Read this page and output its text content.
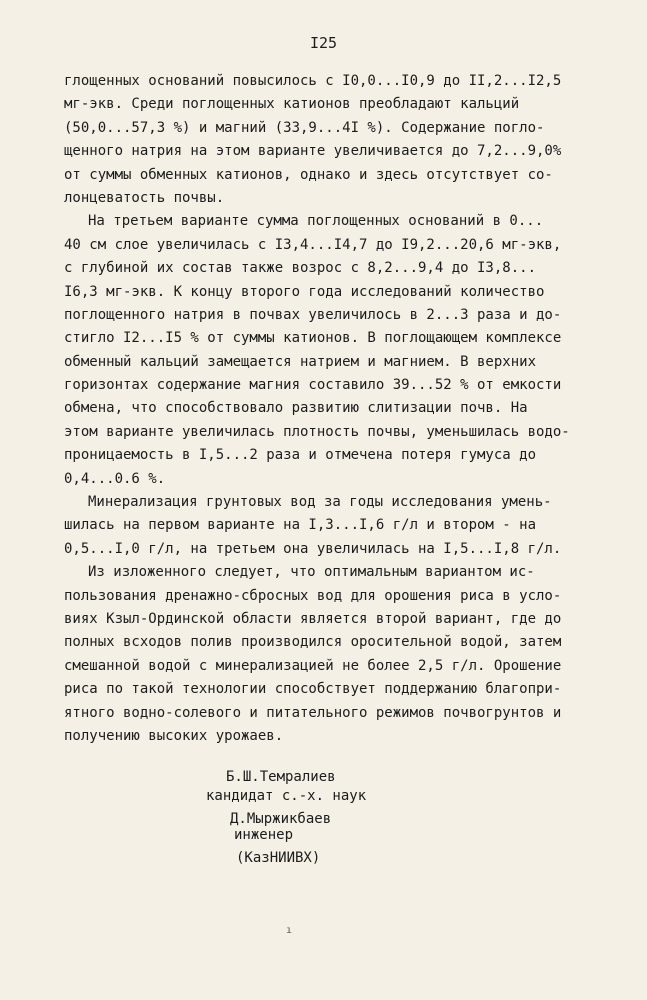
I25
глощенных оснований повысилось с I0,0...I0,9 до II,2...I2,5
мг-экв. Среди поглощенных катионов преобладают кальций
(50,0...57,3 %) и магний (33,9...4I %). Содержание погло-
щенного натрия на этом варианте увеличивается до 7,2...9,0%
от суммы обменных катионов, однако и здесь отсутствует со-
лонцеватость почвы.
На третьем варианте сумма поглощенных оснований в 0...
40 см слое увеличилась с I3,4...I4,7 до I9,2...20,6 мг-экв,
с глубиной их состав также возрос с 8,2...9,4 до I3,8...
I6,3 мг-экв. К концу второго года исследований количество
поглощенного натрия в почвах увеличилось в 2...3 раза и до-
стигло I2...I5 % от суммы катионов. В поглощающем комплексе
обменный кальций замещается натрием и магнием. В верхних
горизонтах содержание магния составило 39...52 % от емкости
обмена, что способствовало развитию слитизации почв. На
этом варианте увеличилась плотность почвы, уменьшилась водо-
проницаемость в I,5...2 раза и отмечена потеря гумуса до
0,4...0.6 %.
Минерализация грунтовых вод за годы исследования умень-
шилась на первом варианте на I,3...I,6 г/л и втором - на
0,5...I,0 г/л, на третьем она увеличилась на I,5...I,8 г/л.
Из изложенного следует, что оптимальным вариантом ис-
пользования дренажно-сбросных вод для орошения риса в усло-
виях Кзыл-Ординской области является второй вариант, где до
полных всходов полив производился оросительной водой, затем
смешанной водой с минерализацией не более 2,5 г/л. Орошение
риса по такой технологии способствует поддержанию благопри-
ятного водно-солевого и питательного режимов почвогрунтов и
получению высоких урожаев.
Б.Ш.Темралиев
кандидат с.-х. наук
Д.Мыржикбаев
инженер
(КазНИИВХ)
ı
